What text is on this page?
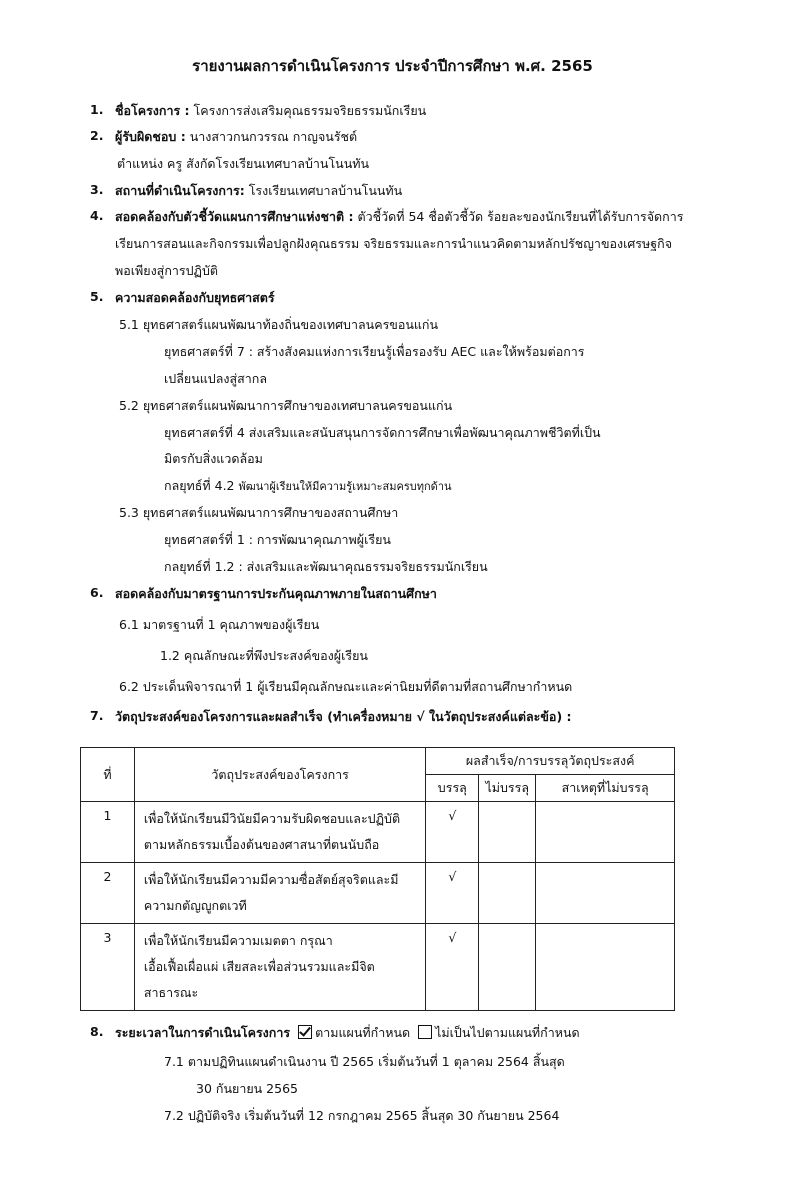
รายงานผลการดำเนินโครงการ ประจำปีการศึกษา พ.ศ. 2565
1. ชื่อโครงการ : โครงการส่งเสริมคุณธรรมจริยธรรมนักเรียน
2. ผู้รับผิดชอบ : นางสาวกนกวรรณ กาญจนรัชต์
ตำแหน่ง ครู สังกัดโรงเรียนเทศบาลบ้านโนนทัน
3. สถานที่ดำเนินโครงการ: โรงเรียนเทศบาลบ้านโนนทัน
4. สอดคล้องกับตัวชี้วัดแผนการศึกษาแห่งชาติ : ตัวชี้วัดที่ 54 ชื่อตัวชี้วัด ร้อยละของนักเรียนที่ได้รับการจัดการ
เรียนการสอนและกิจกรรมเพื่อปลูกฝังคุณธรรม จริยธรรมและการนำแนวคิดตามหลักปรัชญาของเศรษฐกิจ
พอเพียงสู่การปฏิบัติ
5. ความสอดคล้องกับยุทธศาสตร์
5.1 ยุทธศาสตร์แผนพัฒนาท้องถิ่นของเทศบาลนครขอนแก่น
ยุทธศาสตร์ที่ 7 : สร้างสังคมแห่งการเรียนรู้เพื่อรองรับ AEC และให้พร้อมต่อการ
เปลี่ยนแปลงสู่สากล
5.2 ยุทธศาสตร์แผนพัฒนาการศึกษาของเทศบาลนครขอนแก่น
ยุทธศาสตร์ที่ 4 ส่งเสริมและสนับสนุนการจัดการศึกษาเพื่อพัฒนาคุณภาพชีวิตที่เป็น
มิตรกับสิ่งแวดล้อม
กลยุทธ์ที่ 4.2 พัฒนาผู้เรียนให้มีความรู้เหมาะสมครบทุกด้าน
5.3 ยุทธศาสตร์แผนพัฒนาการศึกษาของสถานศึกษา
ยุทธศาสตร์ที่ 1 : การพัฒนาคุณภาพผู้เรียน
กลยุทธ์ที่ 1.2 : ส่งเสริมและพัฒนาคุณธรรมจริยธรรมนักเรียน
6. สอดคล้องกับมาตรฐานการประกันคุณภาพภายในสถานศึกษา
6.1 มาตรฐานที่ 1 คุณภาพของผู้เรียน
1.2 คุณลักษณะที่พึงประสงค์ของผู้เรียน
6.2 ประเด็นพิจารณาที่ 1 ผู้เรียนมีคุณลักษณะและค่านิยมที่ดีตามที่สถานศึกษากำหนด
7. วัตถุประสงค์ของโครงการและผลสำเร็จ (ทำเครื่องหมาย √ ในวัตถุประสงค์แต่ละข้อ) :
ที่	วัตถุประสงค์ของโครงการ	ผลสำเร็จ/การบรรลุวัตถุประสงค์		
		บรรลุ	ไม่บรรลุ	สาเหตุที่ไม่บรรลุ
1	เพื่อให้นักเรียนมีวินัยมีความรับผิดชอบและปฏิบัติ
ตามหลักธรรมเบื้องต้นของศาสนาที่ตนนับถือ	√		
2	เพื่อให้นักเรียนมีความมีความซื่อสัตย์สุจริตและมี
ความกตัญญูกตเวที	√		
3	เพื่อให้นักเรียนมีความเมตตา กรุณา
เอื้อเฟื้อเผื่อแผ่ เสียสละเพื่อส่วนรวมและมีจิต
สาธารณะ	√		
8. ระยะเวลาในการดำเนินโครงการ ตามแผนที่กำหนด ไม่เป็นไปตามแผนที่กำหนด
7.1 ตามปฏิทินแผนดำเนินงาน ปี 2565 เริ่มต้นวันที่ 1 ตุลาคม 2564 สิ้นสุด
30 กันยายน 2565
7.2 ปฏิบัติจริง เริ่มต้นวันที่ 12 กรกฎาคม 2565 สิ้นสุด 30 กันยายน 2564
